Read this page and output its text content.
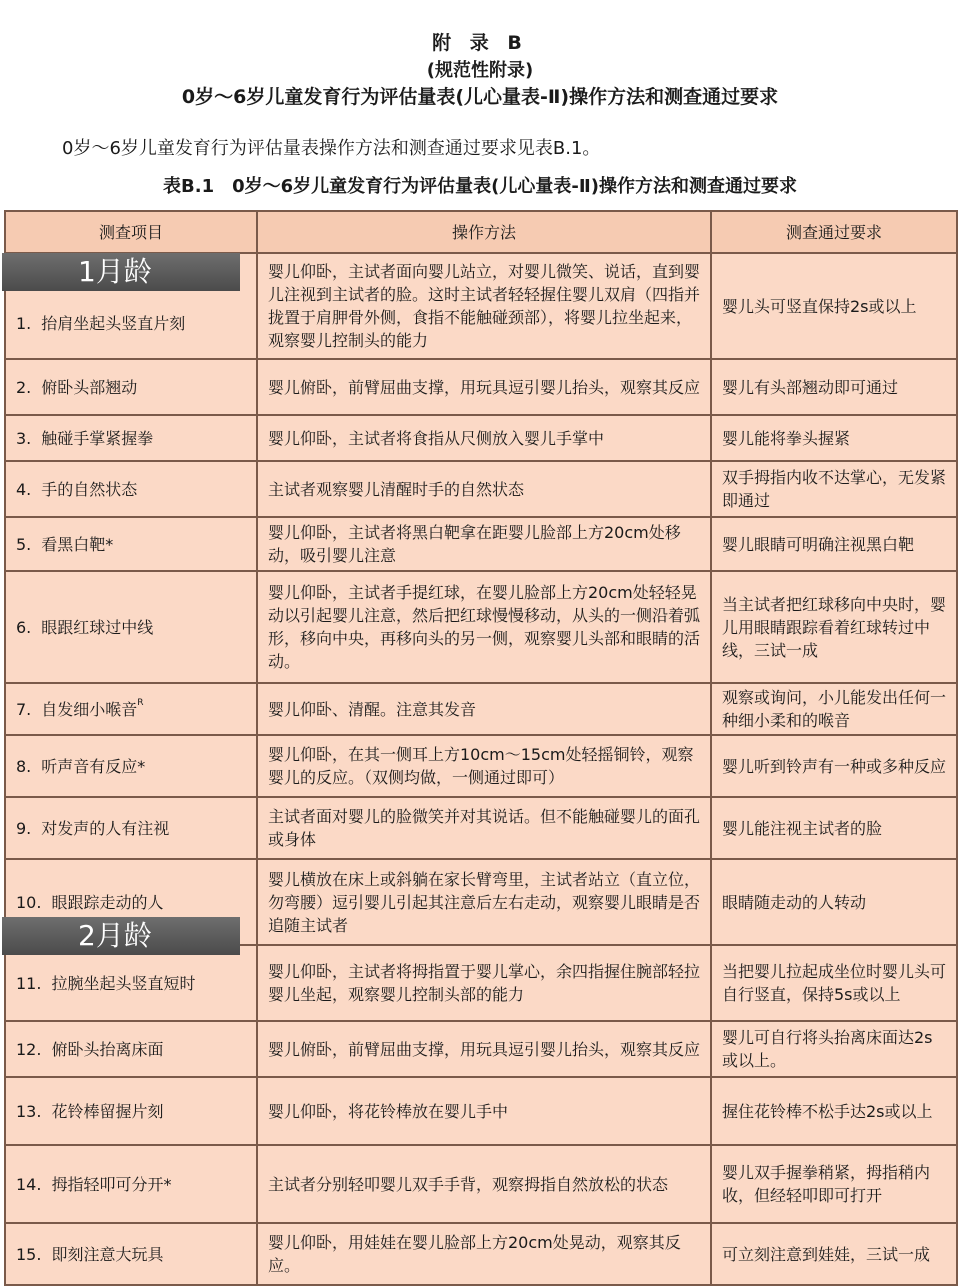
附 录 B
(规范性附录)
0岁～6岁儿童发育行为评估量表(儿心量表-Ⅱ)操作方法和测查通过要求
0岁～6岁儿童发育行为评估量表操作方法和测查通过要求见表B.1。
表B.1　0岁～6岁儿童发育行为评估量表(儿心量表-Ⅱ)操作方法和测查通过要求
测查项目	操作方法	测查通过要求
1. 抬肩坐起头竖直片刻	婴儿仰卧，主试者面向婴儿站立，对婴儿微笑、说话，直到婴儿注视到主试者的脸。这时主试者轻轻握住婴儿双肩（四指并拢置于肩胛骨外侧，食指不能触碰颈部），将婴儿拉坐起来，观察婴儿控制头的能力	婴儿头可竖直保持2s或以上
2. 俯卧头部翘动	婴儿俯卧，前臂屈曲支撑，用玩具逗引婴儿抬头，观察其反应	婴儿有头部翘动即可通过
3. 触碰手掌紧握拳	婴儿仰卧，主试者将食指从尺侧放入婴儿手掌中	婴儿能将拳头握紧
4. 手的自然状态	主试者观察婴儿清醒时手的自然状态	双手拇指内收不达掌心，无发紧即通过
5. 看黑白靶*	婴儿仰卧，主试者将黑白靶拿在距婴儿脸部上方20cm处移动，吸引婴儿注意	婴儿眼睛可明确注视黑白靶
6. 眼跟红球过中线	婴儿仰卧，主试者手提红球，在婴儿脸部上方20cm处轻轻晃动以引起婴儿注意，然后把红球慢慢移动，从头的一侧沿着弧形，移向中央，再移向头的另一侧，观察婴儿头部和眼睛的活动。	当主试者把红球移向中央时，婴儿用眼睛跟踪看着红球转过中线，三试一成
7. 自发细小喉音$^R$	婴儿仰卧、清醒。注意其发音	观察或询问，小儿能发出任何一种细小柔和的喉音
8. 听声音有反应*	婴儿仰卧，在其一侧耳上方10cm～15cm处轻摇铜铃，观察婴儿的反应。（双侧均做，一侧通过即可）	婴儿听到铃声有一种或多种反应
9. 对发声的人有注视	主试者面对婴儿的脸微笑并对其说话。但不能触碰婴儿的面孔或身体	婴儿能注视主试者的脸
10. 眼跟踪走动的人	婴儿横放在床上或斜躺在家长臂弯里，主试者站立（直立位，勿弯腰）逗引婴儿引起其注意后左右走动，观察婴儿眼睛是否追随主试者	眼睛随走动的人转动
11. 拉腕坐起头竖直短时	婴儿仰卧，主试者将拇指置于婴儿掌心，余四指握住腕部轻拉婴儿坐起，观察婴儿控制头部的能力	当把婴儿拉起成坐位时婴儿头可自行竖直，保持5s或以上
12. 俯卧头抬离床面	婴儿俯卧，前臂屈曲支撑，用玩具逗引婴儿抬头，观察其反应	婴儿可自行将头抬离床面达2s或以上。
13. 花铃棒留握片刻	婴儿仰卧，将花铃棒放在婴儿手中	握住花铃棒不松手达2s或以上
14. 拇指轻叩可分开*	主试者分别轻叩婴儿双手手背，观察拇指自然放松的状态	婴儿双手握拳稍紧，拇指稍内收，但经轻叩即可打开
15. 即刻注意大玩具	婴儿仰卧，用娃娃在婴儿脸部上方20cm处晃动，观察其反应。	可立刻注意到娃娃，三试一成
1月龄
2月龄
